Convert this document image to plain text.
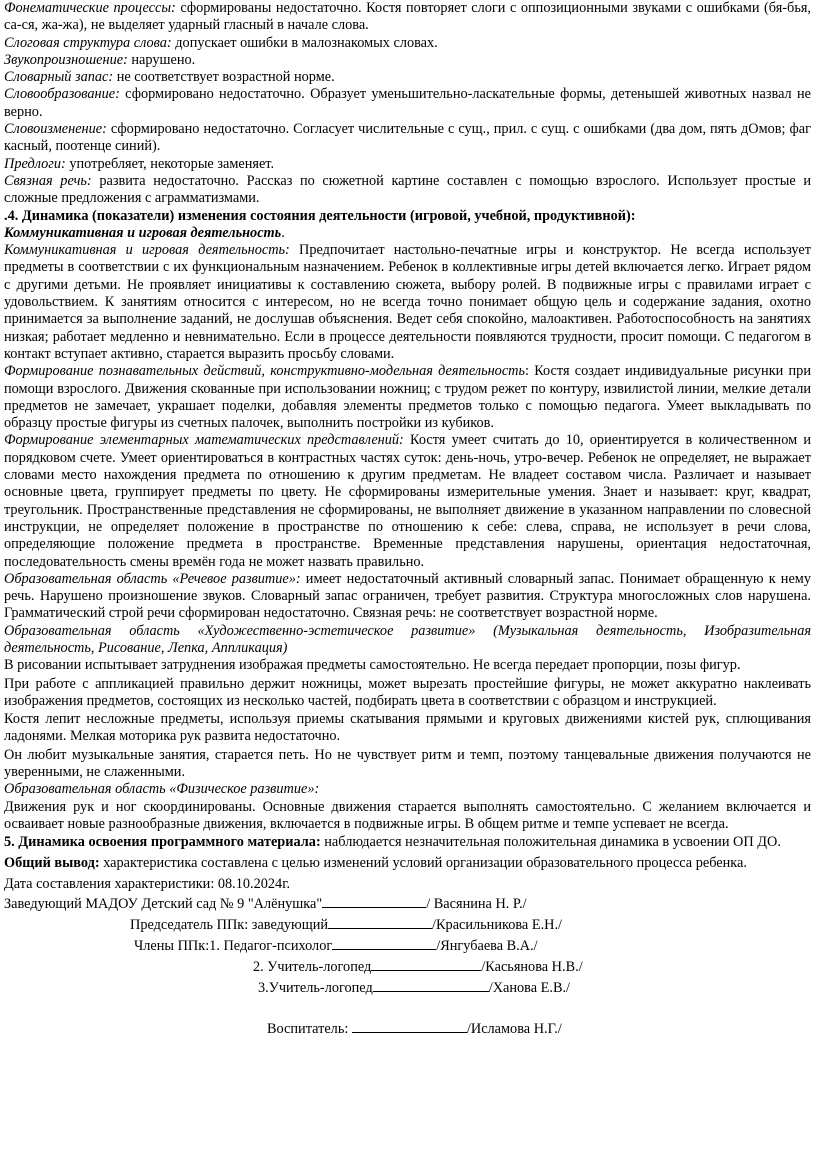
Фонематические процессы: сформированы недостаточно. Костя повторяет слоги с оппозиционными звуками с ошибками (бя-бья, са-ся, жа-жа), не выделяет ударный гласный в начале слова.

Слоговая структура слова: допускает ошибки в малознакомых словах.

Звукопроизношение: нарушено.

Словарный запас: не соответствует возрастной норме.

Словообразование: сформировано недостаточно. Образует уменьшительно-ласкательные формы, детенышей животных назвал не верно.

Словоизменение: сформировано недостаточно. Согласует числительные с сущ., прил. с сущ. с ошибками (два дом, пять дОмов; фаг касный, поотенце синий).

Предлоги: употребляет, некоторые заменяет.

Связная речь: развита недостаточно. Рассказ по сюжетной картине составлен с помощью взрослого. Использует простые и сложные предложения с аграмматизмами.

.4. Динамика (показатели) изменения состояния деятельности (игровой, учебной, продуктивной):

Коммуникативная и игровая деятельность.

Коммуникативная и игровая деятельность: Предпочитает настольно-печатные игры и конструктор. Не всегда использует предметы в соответствии с их функциональным назначением. Ребенок в коллективные игры детей включается легко. Играет рядом с другими детьми. Не проявляет инициативы к составлению сюжета, выбору ролей. В подвижные игры с правилами играет с удовольствием. К занятиям относится с интересом, но не всегда точно понимает общую цель и содержание задания, охотно принимается за выполнение заданий, не дослушав объяснения. Ведет себя спокойно, малоактивен. Работоспособность на занятиях низкая; работает медленно и невнимательно. Если в процессе деятельности появляются трудности, просит помощи. С педагогом в контакт вступает активно, старается выразить просьбу словами.

Формирование познавательных действий, конструктивно-модельная деятельность: Костя создает индивидуальные рисунки при помощи взрослого. Движения скованные при использовании ножниц; с трудом режет по контуру, извилистой линии, мелкие детали предметов не замечает, украшает поделки, добавляя элементы предметов только с помощью педагога. Умеет выкладывать по образцу простые фигуры из счетных палочек, выполнить постройки из кубиков.

Формирование элементарных математических представлений: Костя умеет считать до 10, ориентируется в количественном и порядковом счете. Умеет ориентироваться в контрастных частях суток: день-ночь, утро-вечер. Ребенок не определяет, не выражает словами место нахождения предмета по отношению к другим предметам. Не владеет составом числа. Различает и называет основные цвета, группирует предметы по цвету. Не сформированы измерительные умения. Знает и называет: круг, квадрат, треугольник. Пространственные представления не сформированы, не выполняет движение в указанном направлении по словесной инструкции, не определяет положение в пространстве по отношению к себе: слева, справа, не использует в речи слова, определяющие положение предмета в пространстве. Временные представления нарушены, ориентация недостаточная, последовательность смены времён года не может назвать правильно.

Образовательная область «Речевое развитие»: имеет недостаточный активный словарный запас. Понимает обращенную к нему речь. Нарушено произношение звуков. Словарный запас ограничен, требует развития. Структура многосложных слов нарушена. Грамматический строй речи сформирован недостаточно. Связная речь: не соответствует возрастной норме.

Образовательная область «Художественно-эстетическое развитие» (Музыкальная деятельность, Изобразительная деятельность, Рисование, Лепка, Аппликация)

В рисовании испытывает затруднения изображая предметы самостоятельно. Не всегда передает пропорции, позы фигур.

При работе с аппликацией правильно держит ножницы, может вырезать простейшие фигуры, не может аккуратно наклеивать изображения предметов, состоящих из несколько частей, подбирать цвета в соответствии с образцом и инструкцией.

Костя лепит несложные предметы, используя приемы скатывания прямыми и круговых движениями кистей рук, сплющивания ладонями. Мелкая моторика рук развита недостаточно.

Он любит музыкальные занятия, старается петь. Но не чувствует ритм и темп, поэтому танцевальные движения получаются не уверенными, не слаженными.

Образовательная область «Физическое развитие»:

Движения рук и ног скоординированы. Основные движения старается выполнять самостоятельно. С желанием включается и осваивает новые разнообразные движения, включается в подвижные игры. В общем ритме и темпе успевает не всегда.

5. Динамика освоения программного материала: наблюдается незначительная положительная динамика в усвоении ОП ДО.

Общий вывод: характеристика составлена с целью изменений условий организации образовательного процесса ребенка.

Дата составления характеристики: 08.10.2024г.

Заведующий МАДОУ Детский сад № 9 "Алёнушка"	/ Васянина Н. Р./

Председатель ППк: заведующий	/Красильникова Е.Н./

Члены ППк:1. Педагог-психолог	/Янгубаева В.А./

2. Учитель-логопед	/Касьянова Н.В./

3.Учитель-логопед	/Ханова Е.В./

Воспитатель:	/Исламова Н.Г./
